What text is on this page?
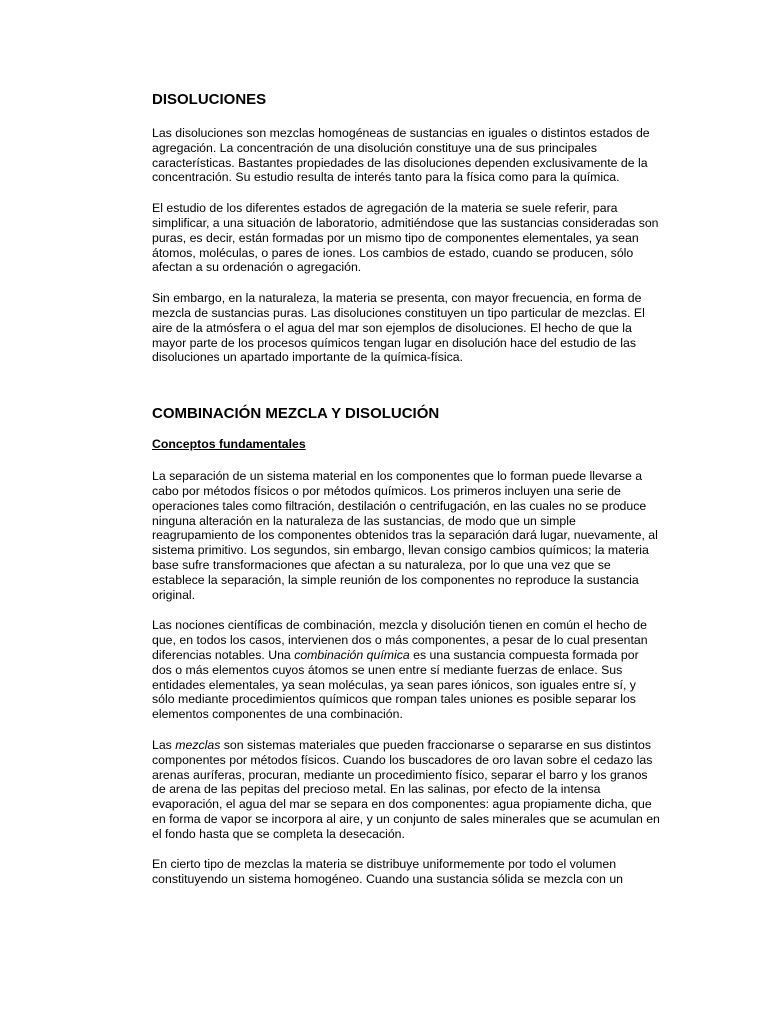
DISOLUCIONES

Las disoluciones son mezclas homogéneas de sustancias en iguales o distintos estados de agregación. La concentración de una disolución constituye una de sus principales características. Bastantes propiedades de las disoluciones dependen exclusivamente de la concentración. Su estudio resulta de interés tanto para la física como para la química.

El estudio de los diferentes estados de agregación de la materia se suele referir, para simplificar, a una situación de laboratorio, admitiéndose que las sustancias consideradas son puras, es decir, están formadas por un mismo tipo de componentes elementales, ya sean átomos, moléculas, o pares de iones. Los cambios de estado, cuando se producen, sólo afectan a su ordenación o agregación.

Sin embargo, en la naturaleza, la materia se presenta, con mayor frecuencia, en forma de mezcla de sustancias puras. Las disoluciones constituyen un tipo particular de mezclas. El aire de la atmósfera o el agua del mar son ejemplos de disoluciones. El hecho de que la mayor parte de los procesos químicos tengan lugar en disolución hace del estudio de las disoluciones un apartado importante de la química-física.

COMBINACIÓN MEZCLA Y DISOLUCIÓN
Conceptos fundamentales

La separación de un sistema material en los componentes que lo forman puede llevarse a cabo por métodos físicos o por métodos químicos. Los primeros incluyen una serie de operaciones tales como filtración, destilación o centrifugación, en las cuales no se produce ninguna alteración en la naturaleza de las sustancias, de modo que un simple reagrupamiento de los componentes obtenidos tras la separación dará lugar, nuevamente, al sistema primitivo. Los segundos, sin embargo, llevan consigo cambios químicos; la materia base sufre transformaciones que afectan a su naturaleza, por lo que una vez que se establece la separación, la simple reunión de los componentes no reproduce la sustancia original.

Las nociones científicas de combinación, mezcla y disolución tienen en común el hecho de que, en todos los casos, intervienen dos o más componentes, a pesar de lo cual presentan diferencias notables. Una combinación química es una sustancia compuesta formada por dos o más elementos cuyos átomos se unen entre sí mediante fuerzas de enlace. Sus entidades elementales, ya sean moléculas, ya sean pares iónicos, son iguales entre sí, y sólo mediante procedimientos químicos que rompan tales uniones es posible separar los elementos componentes de una combinación.

Las mezclas son sistemas materiales que pueden fraccionarse o separarse en sus distintos componentes por métodos físicos. Cuando los buscadores de oro lavan sobre el cedazo las arenas auríferas, procuran, mediante un procedimiento físico, separar el barro y los granos de arena de las pepitas del precioso metal. En las salinas, por efecto de la intensa evaporación, el agua del mar se separa en dos componentes: agua propiamente dicha, que en forma de vapor se incorpora al aire, y un conjunto de sales minerales que se acumulan en el fondo hasta que se completa la desecación.

En cierto tipo de mezclas la materia se distribuye uniformemente por todo el volumen constituyendo un sistema homogéneo. Cuando una sustancia sólida se mezcla con un
